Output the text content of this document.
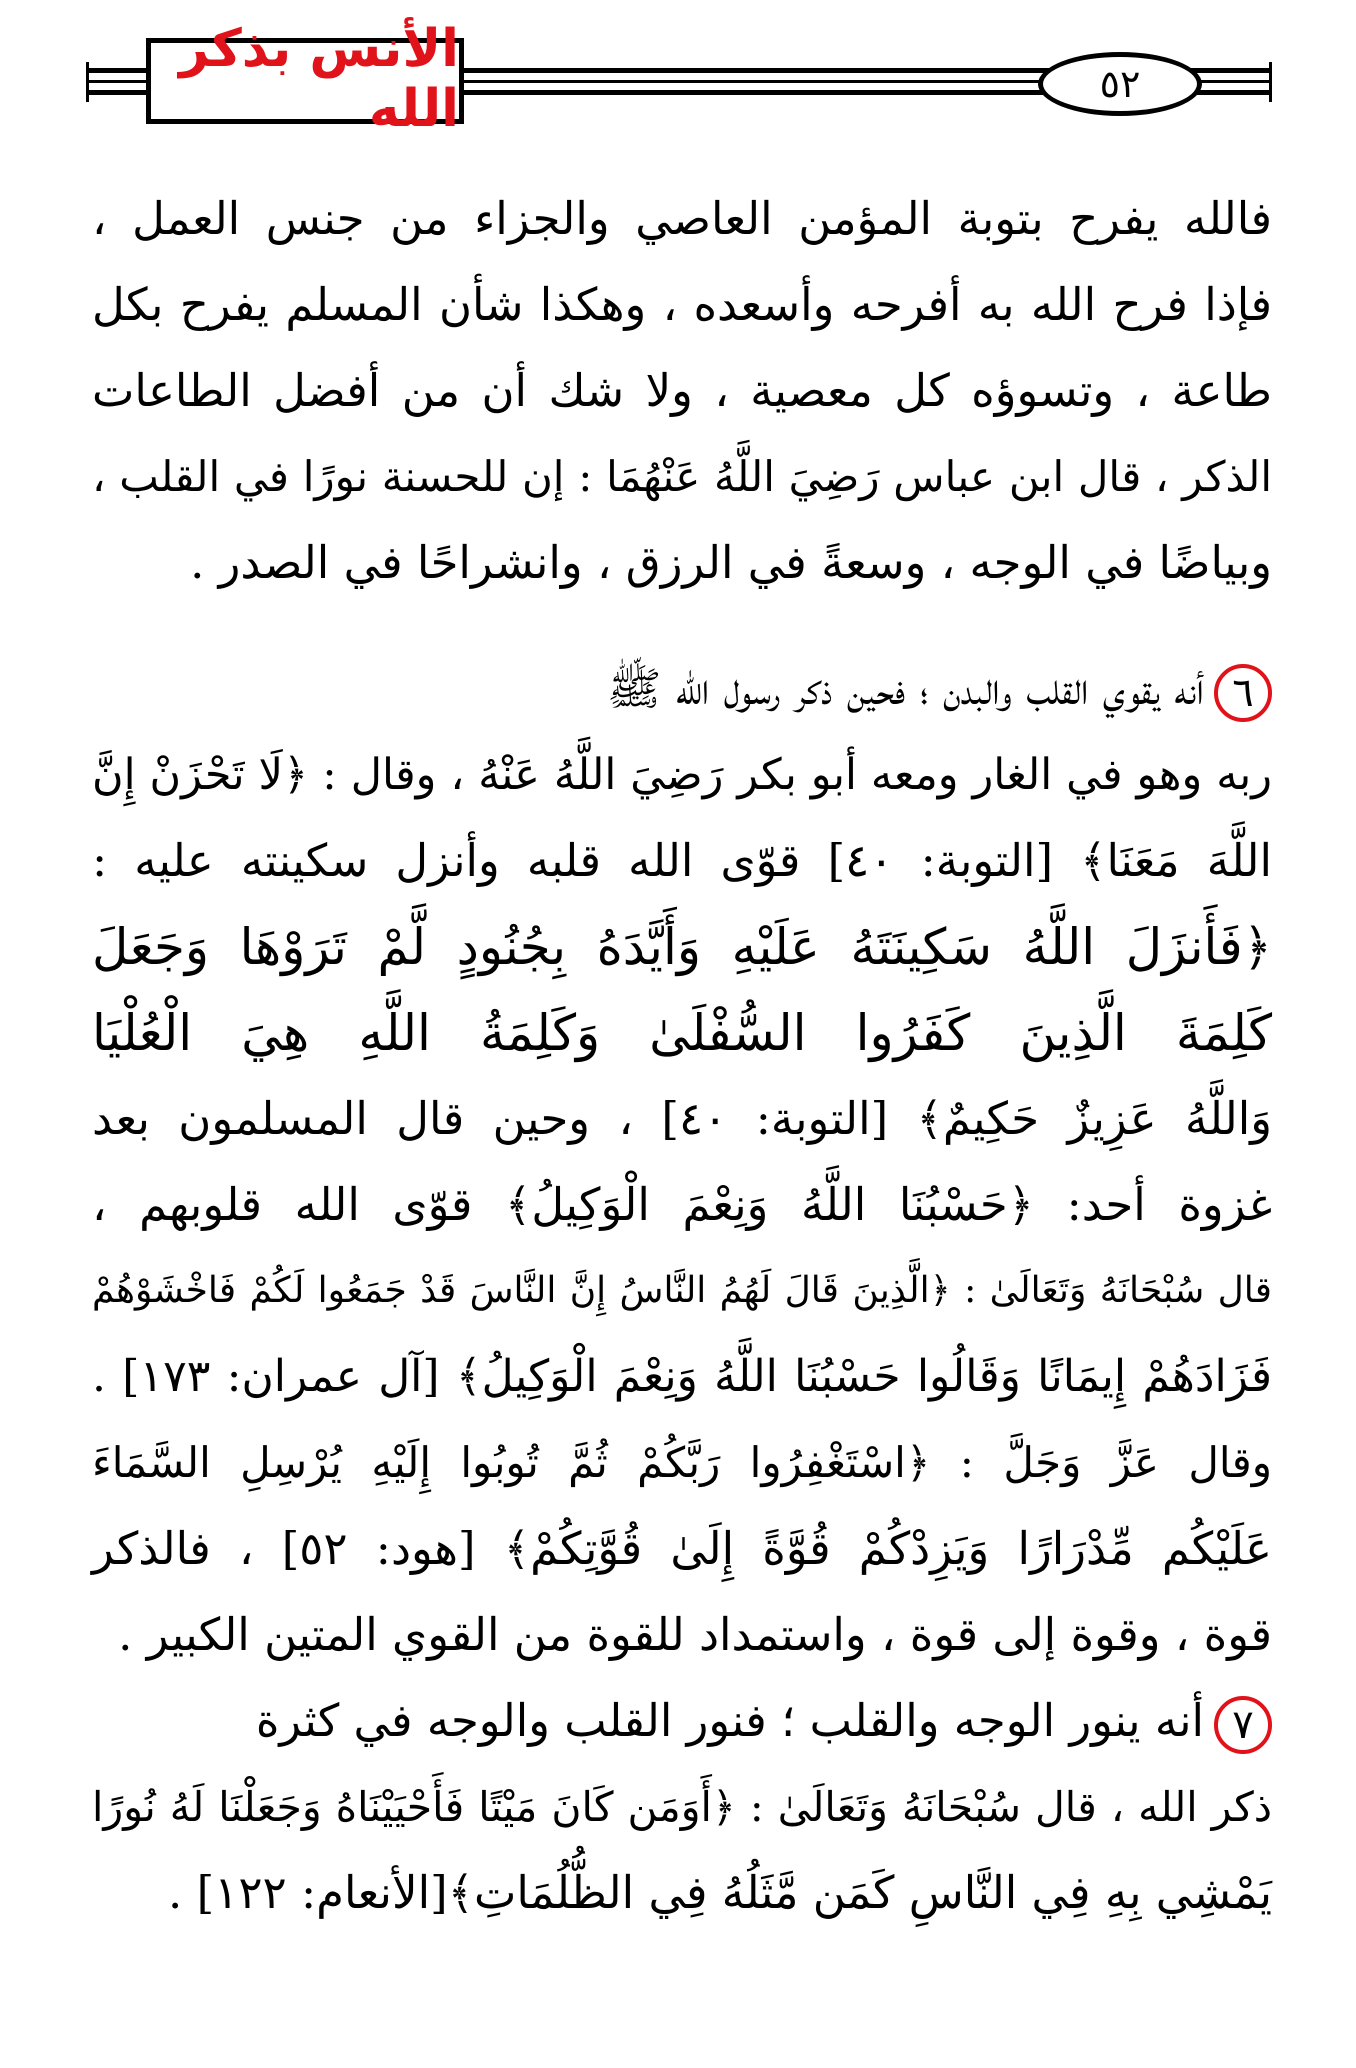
الأنس بذكر الله	٥٢
فالله يفرح بتوبة المؤمن العاصي والجزاء من جنس العمل ،
فإذا فرح الله به أفرحه وأسعده ، وهكذا شأن المسلم يفرح بكل
طاعة ، وتسوؤه كل معصية ، ولا شك أن من أفضل الطاعات
الذكر ، قال ابن عباس رَضِيَ اللَّهُ عَنْهُمَا : إن للحسنة نورًا في القلب ،
وبياضًا في الوجه ، وسعةً في الرزق ، وانشراحًا في الصدر .
٦أنه يقوي القلب والبدن ؛ فحين ذكر رسول الله ﷺ
ربه وهو في الغار ومعه أبو بكر رَضِيَ اللَّهُ عَنْهُ ، وقال : ﴿لَا تَحْزَنْ إِنَّ
اللَّهَ مَعَنَا﴾ [التوبة: ٤٠] قوّى الله قلبه وأنزل سكينته عليه :
﴿فَأَنزَلَ اللَّهُ سَكِينَتَهُ عَلَيْهِ وَأَيَّدَهُ بِجُنُودٍ لَّمْ تَرَوْهَا وَجَعَلَ
كَلِمَةَ الَّذِينَ كَفَرُوا السُّفْلَىٰ وَكَلِمَةُ اللَّهِ هِيَ الْعُلْيَا
وَاللَّهُ عَزِيزٌ حَكِيمٌ﴾ [التوبة: ٤٠] ، وحين قال المسلمون بعد
غزوة أحد: ﴿حَسْبُنَا اللَّهُ وَنِعْمَ الْوَكِيلُ﴾ قوّى الله قلوبهم ،
قال سُبْحَانَهُ وَتَعَالَىٰ : ﴿الَّذِينَ قَالَ لَهُمُ النَّاسُ إِنَّ النَّاسَ قَدْ جَمَعُوا لَكُمْ فَاخْشَوْهُمْ
فَزَادَهُمْ إِيمَانًا وَقَالُوا حَسْبُنَا اللَّهُ وَنِعْمَ الْوَكِيلُ﴾ [آل عمران: ١٧٣] .
وقال عَزَّ وَجَلَّ : ﴿اسْتَغْفِرُوا رَبَّكُمْ ثُمَّ تُوبُوا إِلَيْهِ يُرْسِلِ السَّمَاءَ
عَلَيْكُم مِّدْرَارًا وَيَزِدْكُمْ قُوَّةً إِلَىٰ قُوَّتِكُمْ﴾ [هود: ٥٢] ، فالذكر
قوة ، وقوة إلى قوة ، واستمداد للقوة من القوي المتين الكبير .
٧أنه ينور الوجه والقلب ؛ فنور القلب والوجه في كثرة
ذكر الله ، قال سُبْحَانَهُ وَتَعَالَىٰ : ﴿أَوَمَن كَانَ مَيْتًا فَأَحْيَيْنَاهُ وَجَعَلْنَا لَهُ نُورًا
يَمْشِي بِهِ فِي النَّاسِ كَمَن مَّثَلُهُ فِي الظُّلُمَاتِ﴾[الأنعام: ١٢٢] .
